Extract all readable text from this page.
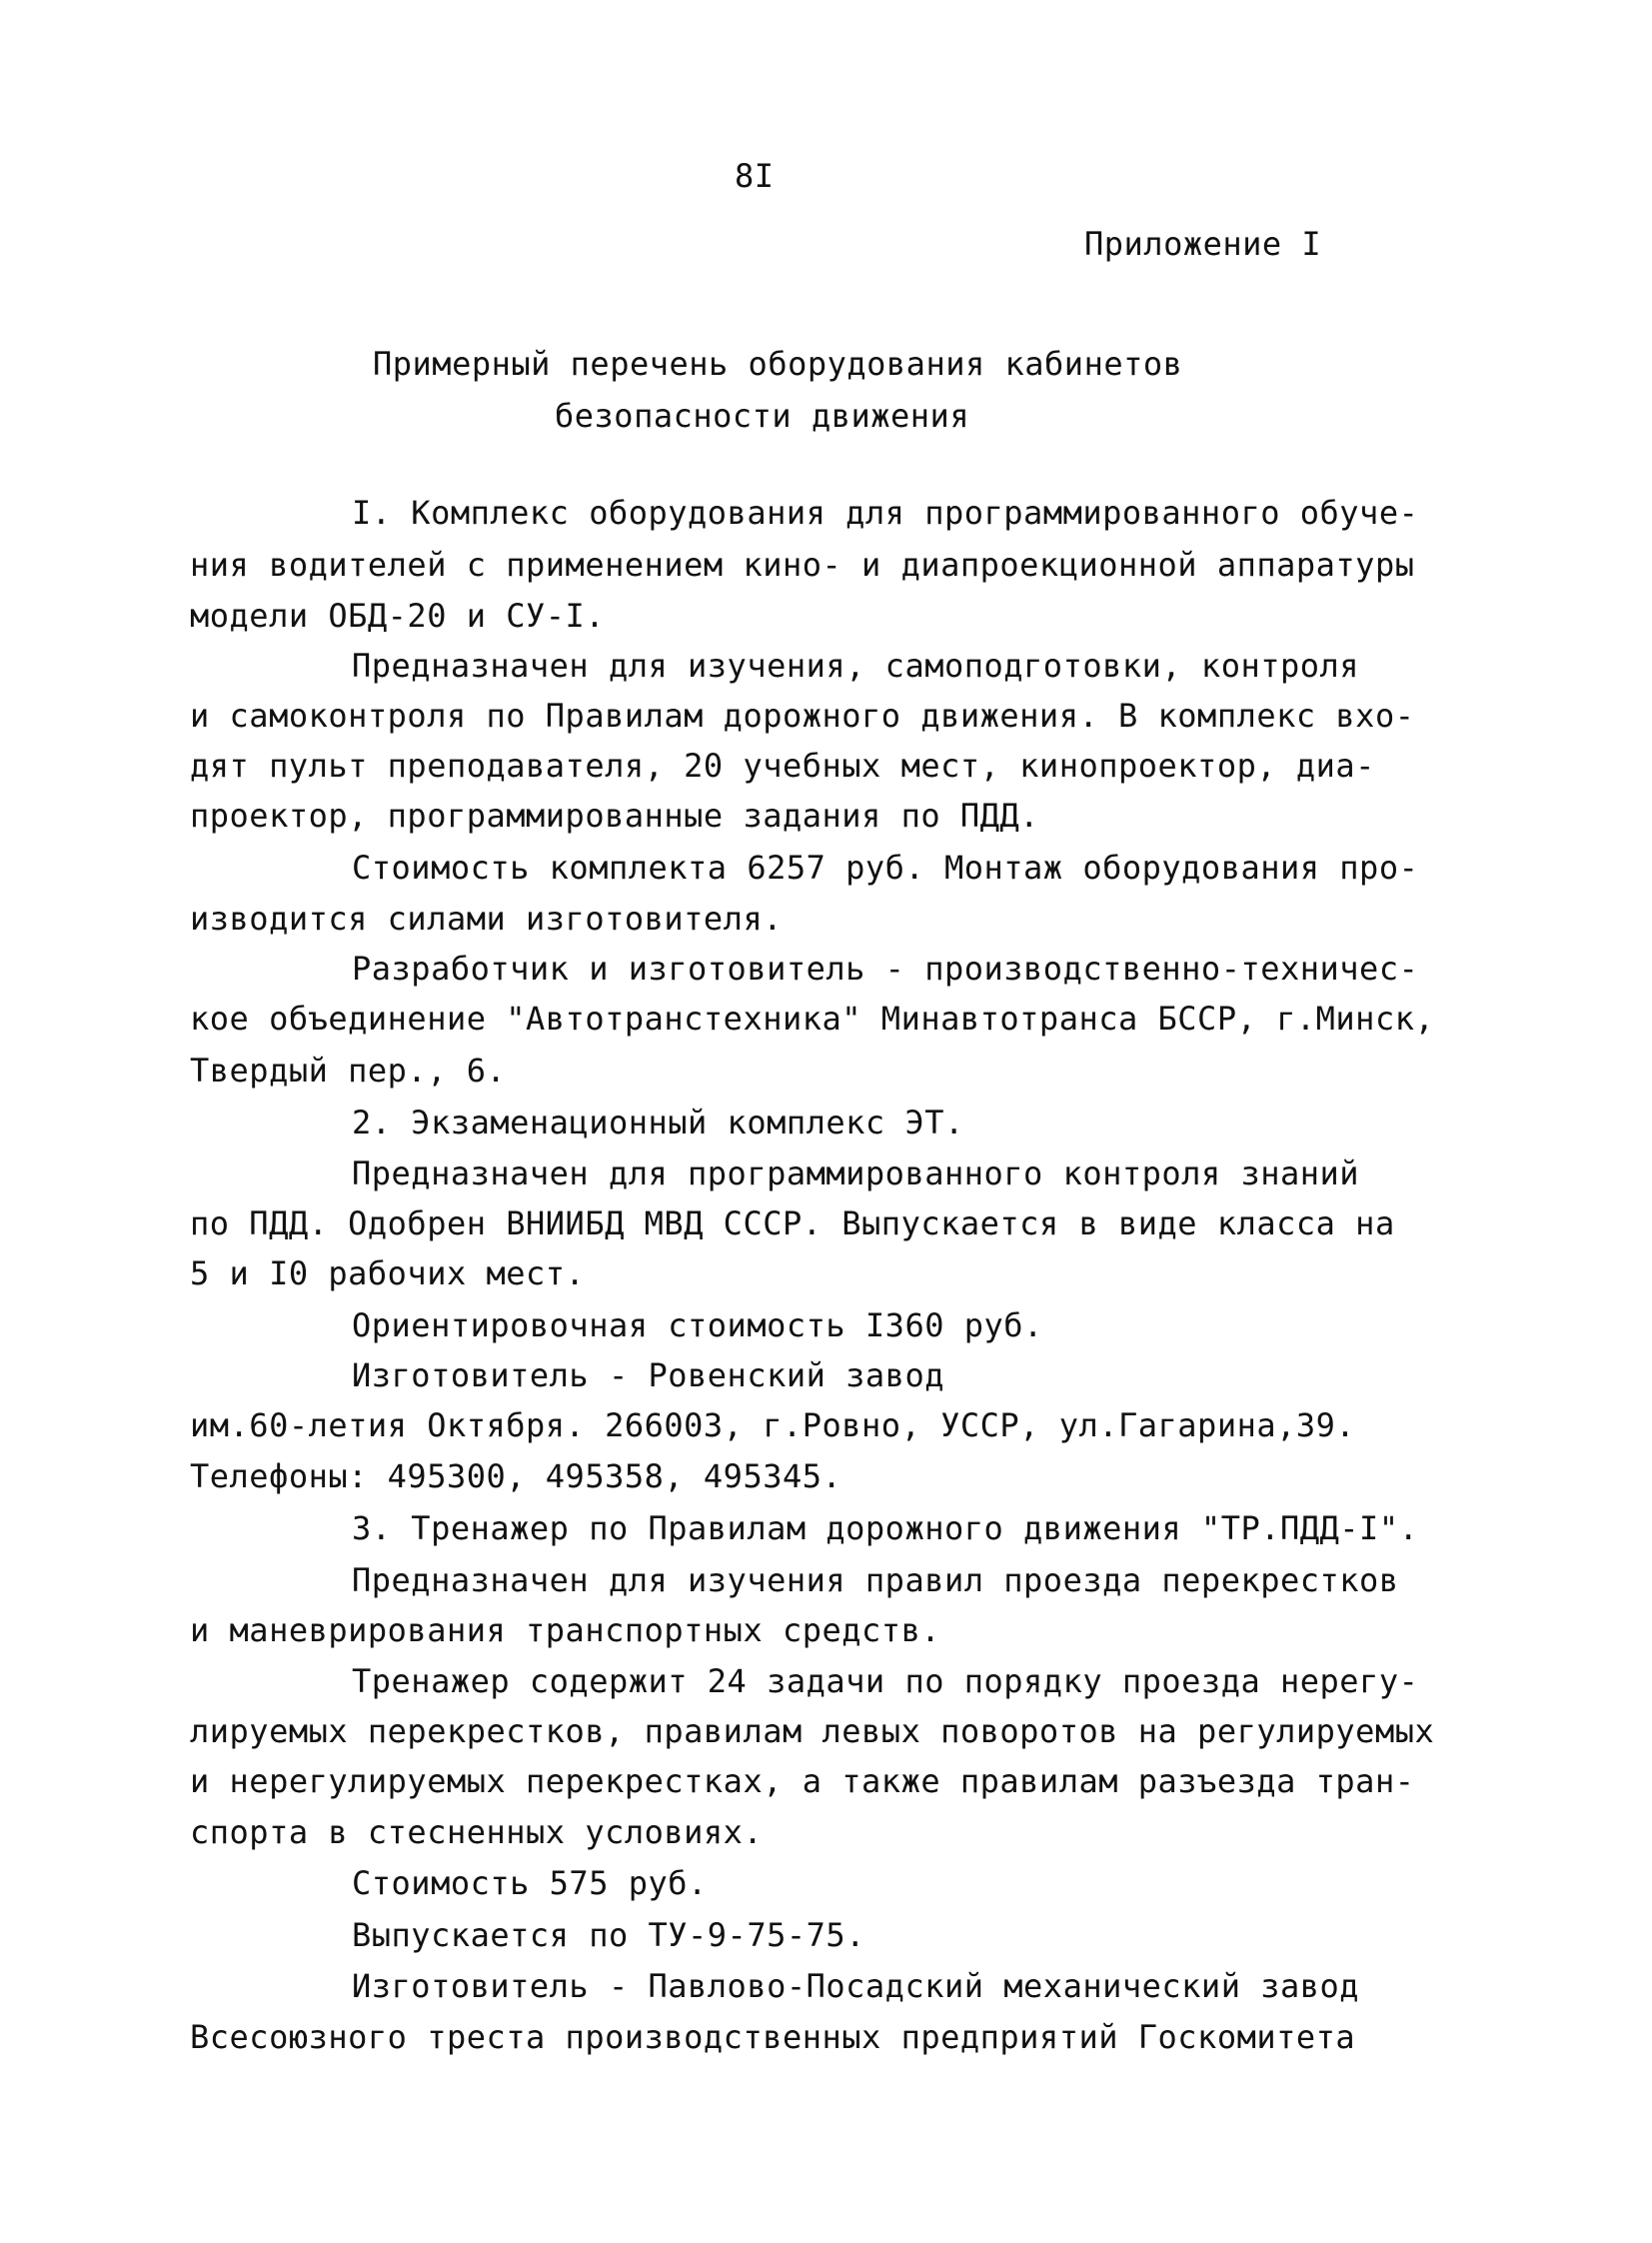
8I
Приложение I
Примерный перечень оборудования кабинетов
безопасности движения
I. Комплекс оборудования для программированного обуче-
ния водителей с применением кино- и диапроекционной аппаратуры
модели ОБД-20 и СУ-I.
Предназначен для изучения, самоподготовки, контроля
и самоконтроля по Правилам дорожного движения. В комплекс вхо-
дят пульт преподавателя, 20 учебных мест, кинопроектор, диа-
проектор, программированные задания по ПДД.
Стоимость комплекта 6257 руб. Монтаж оборудования про-
изводится силами изготовителя.
Разработчик и изготовитель - производственно-техничес-
кое объединение "Автотранстехника" Минавтотранса БССР, г.Минск,
Твердый пер., 6.
2. Экзаменационный комплекс ЭТ.
Предназначен для программированного контроля знаний
по ПДД. Одобрен ВНИИБД МВД СССР. Выпускается в виде класса на
5 и I0 рабочих мест.
Ориентировочная стоимость I360 руб.
Изготовитель - Ровенский завод
им.60-летия Октября. 266003, г.Ровно, УССР, ул.Гагарина,39.
Телефоны: 495300, 495358, 495345.
3. Тренажер по Правилам дорожного движения "ТР.ПДД-I".
Предназначен для изучения правил проезда перекрестков
и маневрирования транспортных средств.
Тренажер содержит 24 задачи по порядку проезда нерегу-
лируемых перекрестков, правилам левых поворотов на регулируемых
и нерегулируемых перекрестках, а также правилам разъезда тран-
спорта в стесненных условиях.
Стоимость 575 руб.
Выпускается по ТУ-9-75-75.
Изготовитель - Павлово-Посадский механический завод
Всесоюзного треста производственных предприятий Госкомитета
